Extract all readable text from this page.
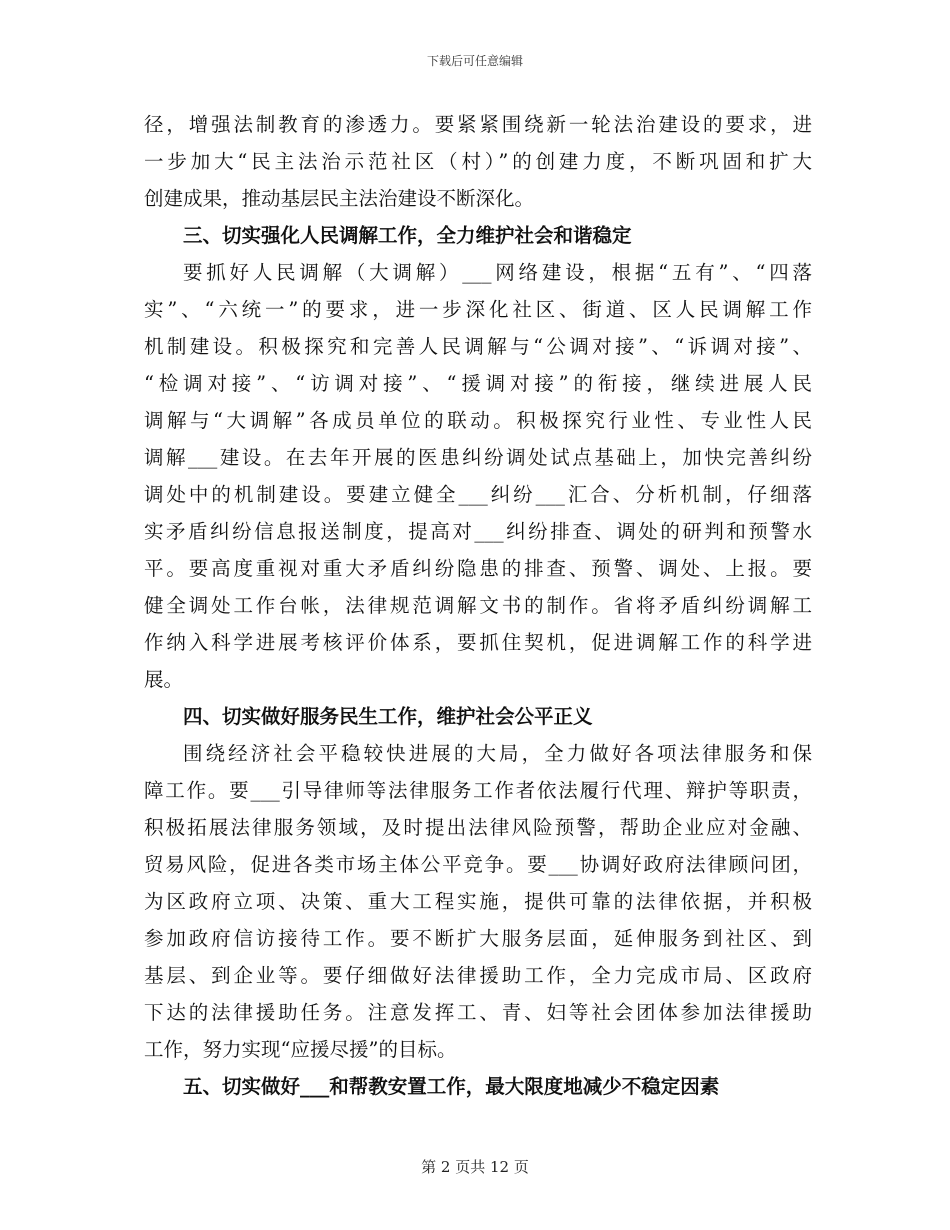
下载后可任意编辑
径，增强法制教育的渗透力。要紧紧围绕新一轮法治建设的要求，进
一步加大“民主法治示范社区（村）”的创建力度，不断巩固和扩大
创建成果，推动基层民主法治建设不断深化。
三、切实强化人民调解工作，全力维护社会和谐稳定
要抓好人民调解（大调解）___网络建设，根据“五有”、“四落
实”、“六统一”的要求，进一步深化社区、街道、区人民调解工作
机制建设。积极探究和完善人民调解与“公调对接”、“诉调对接”、
“检调对接”、“访调对接”、“援调对接”的衔接，继续进展人民
调解与“大调解”各成员单位的联动。积极探究行业性、专业性人民
调解___建设。在去年开展的医患纠纷调处试点基础上，加快完善纠纷
调处中的机制建设。要建立健全___纠纷___汇合、分析机制，仔细落
实矛盾纠纷信息报送制度，提高对___纠纷排查、调处的研判和预警水
平。要高度重视对重大矛盾纠纷隐患的排查、预警、调处、上报。要
健全调处工作台帐，法律规范调解文书的制作。省将矛盾纠纷调解工
作纳入科学进展考核评价体系，要抓住契机，促进调解工作的科学进
展。
四、切实做好服务民生工作，维护社会公平正义
围绕经济社会平稳较快进展的大局，全力做好各项法律服务和保
障工作。要___引导律师等法律服务工作者依法履行代理、辩护等职责，
积极拓展法律服务领域，及时提出法律风险预警，帮助企业应对金融、
贸易风险，促进各类市场主体公平竞争。要___协调好政府法律顾问团，
为区政府立项、决策、重大工程实施，提供可靠的法律依据，并积极
参加政府信访接待工作。要不断扩大服务层面，延伸服务到社区、到
基层、到企业等。要仔细做好法律援助工作，全力完成市局、区政府
下达的法律援助任务。注意发挥工、青、妇等社会团体参加法律援助
工作，努力实现“应援尽援”的目标。
五、切实做好___和帮教安置工作，最大限度地减少不稳定因素
第 2 页共 12 页
